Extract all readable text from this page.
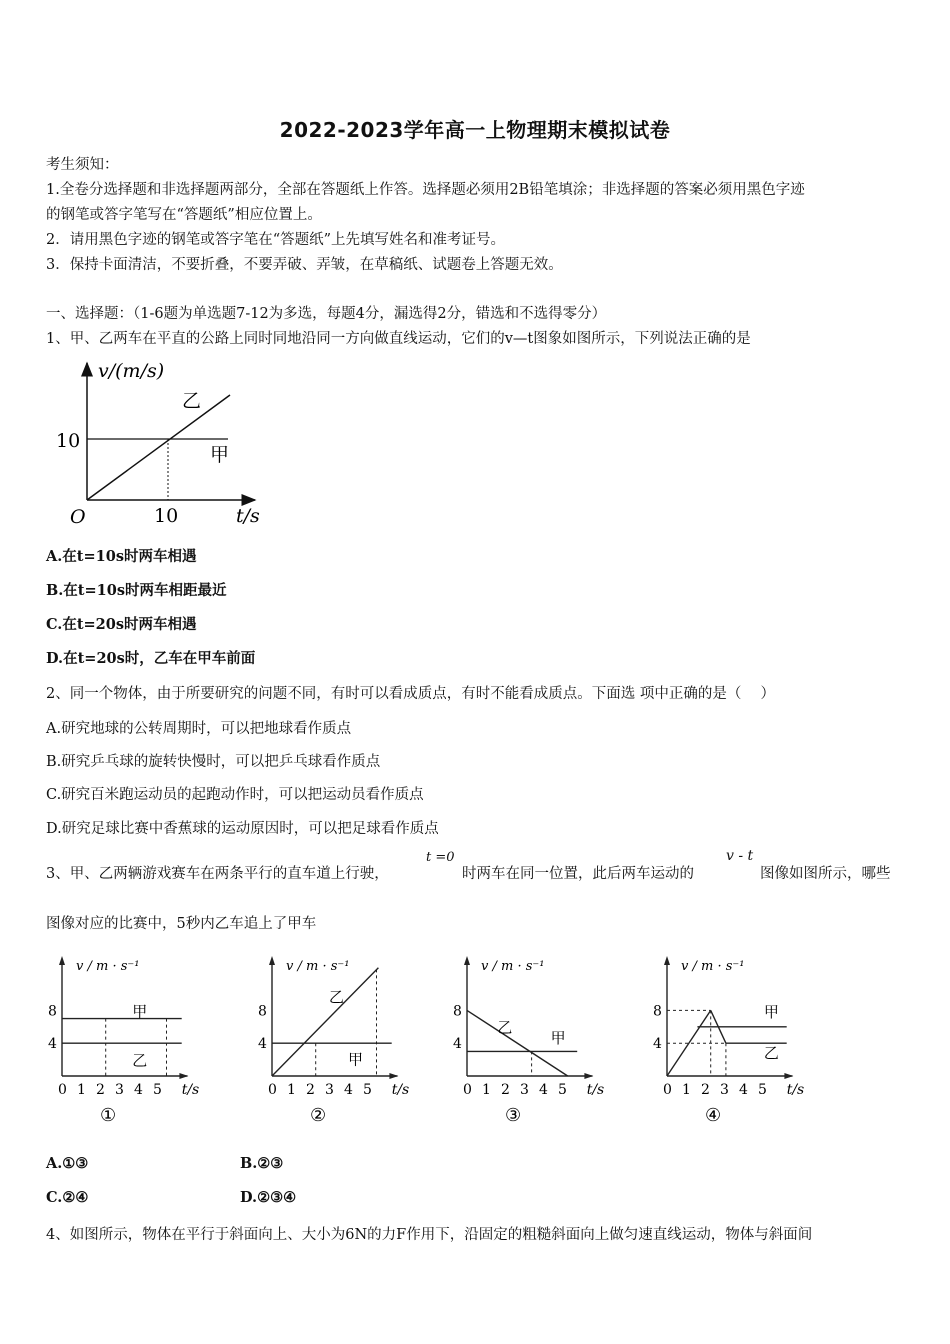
2022-2023学年高一上物理期末模拟试卷
考生须知：
1.全卷分选择题和非选择题两部分，全部在答题纸上作答。选择题必须用2B铅笔填涂；非选择题的答案必须用黑色字迹
的钢笔或答字笔写在“答题纸”相应位置上。
2．请用黑色字迹的钢笔或答字笔在“答题纸”上先填写姓名和准考证号。
3．保持卡面清洁，不要折叠，不要弄破、弄皱，在草稿纸、试题卷上答题无效。
一、选择题：（1-6题为单选题7-12为多选，每题4分，漏选得2分，错选和不选得零分）
1、甲、乙两车在平直的公路上同时同地沿同一方向做直线运动，它们的v—t图象如图所示，下列说法正确的是
v/(m/s)
10
10
O	t/s
乙
甲
A.在t=10s时两车相遇
B.在t=10s时两车相距最近
C.在t=20s时两车相遇
D.在t=20s时，乙车在甲车前面
2、同一个物体，由于所要研究的问题不同，有时可以看成质点，有时不能看成质点。下面选 项中正确的是（　 ）
A.研究地球的公转周期时，可以把地球看作质点
B.研究乒乓球的旋转快慢时，可以把乒乓球看作质点
C.研究百米跑运动员的起跑动作时，可以把运动员看作质点
D.研究足球比赛中香蕉球的运动原因时，可以把足球看作质点
3、甲、乙两辆游戏赛车在两条平行的直车道上行驶，
t =0
时两车在同一位置，此后两车运动的
v - t
图像如图所示，哪些
图像对应的比赛中，5秒内乙车追上了甲车
v / m · s⁻¹
t/s
8
4
0 1 2 3 4 5
①
甲
乙
v / m · s⁻¹
t/s
8
4
0 1 2 3 4 5
②
乙
甲
v / m · s⁻¹
t/s
8
4
0 1 2 3 4 5
③
乙
甲
v / m · s⁻¹
t/s
8
4
0 1 2 3 4 5
④
甲
乙
A.①③	B.②③
C.②④	D.②③④
4、如图所示，物体在平行于斜面向上、大小为6N的力F作用下，沿固定的粗糙斜面向上做匀速直线运动，物体与斜面间
